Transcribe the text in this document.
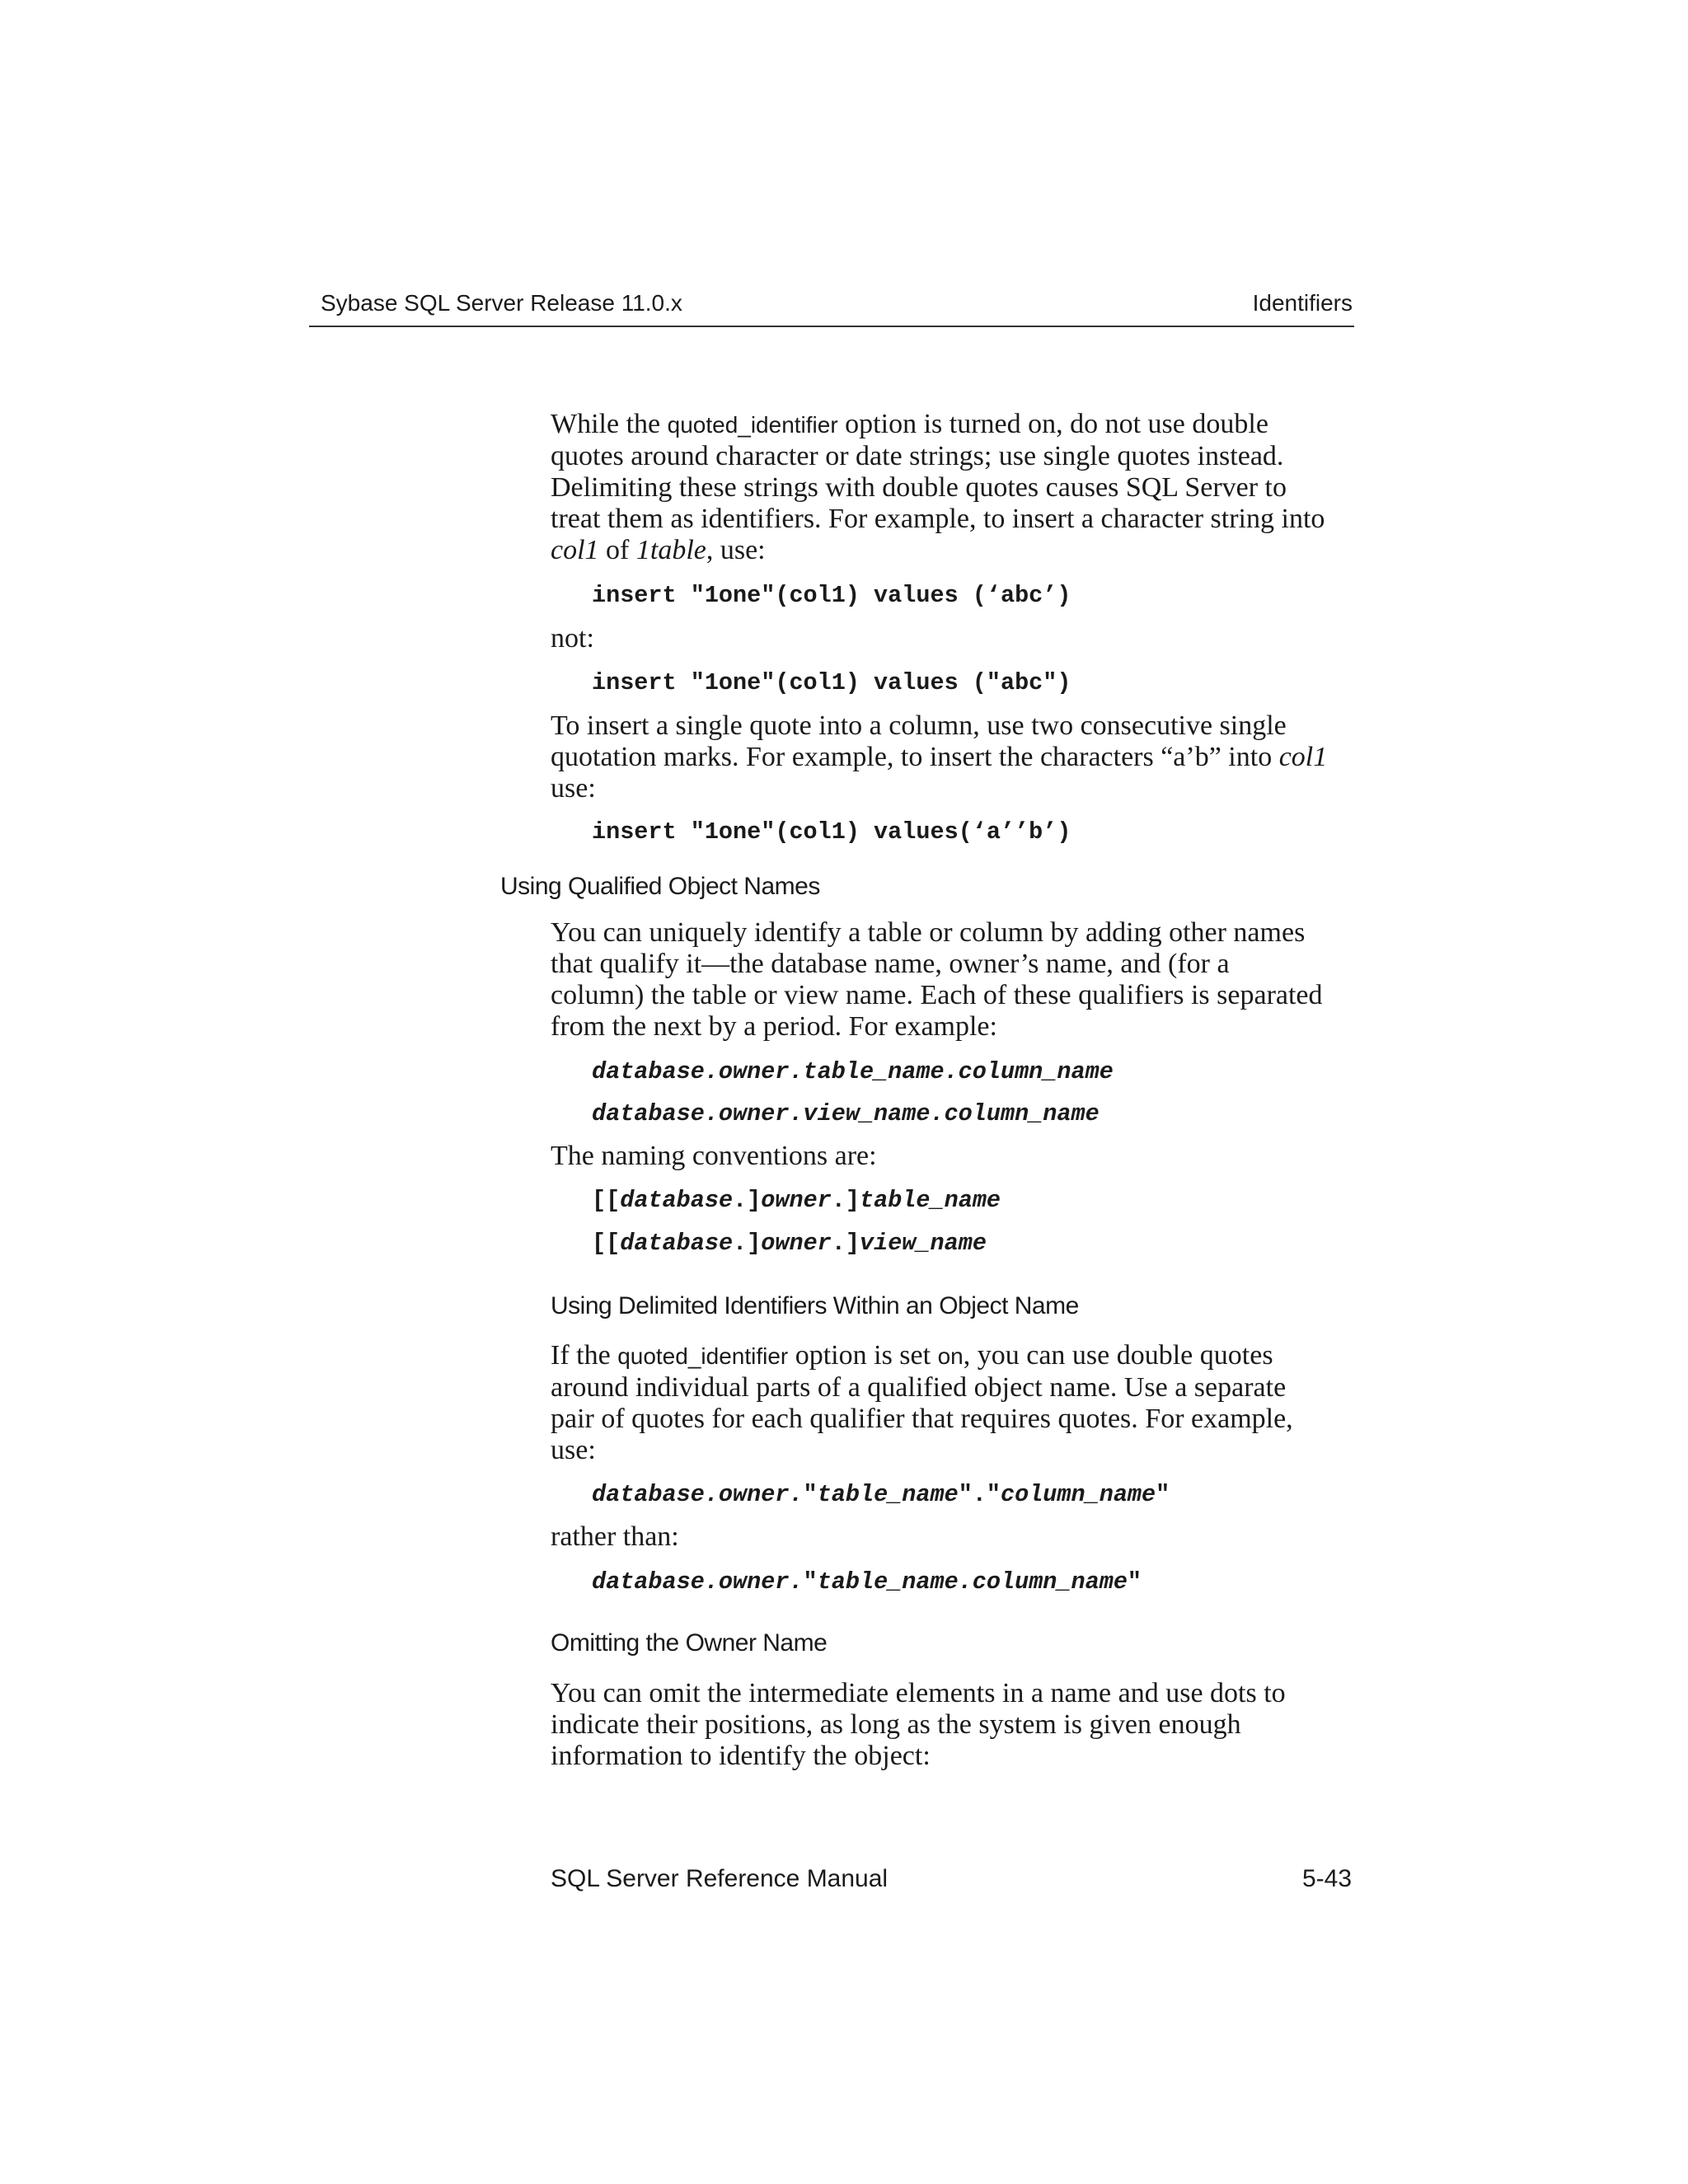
Sybase SQL Server Release 11.0.x	Identifiers

While the quoted_identifier option is turned on, do not use double

quotes around character or date strings; use single quotes instead.

Delimiting these strings with double quotes causes SQL Server to

treat them as identifiers. For example, to insert a character string into

col1 of 1table, use:

insert "1one"(col1) values (‘abc’)

not:

insert "1one"(col1) values ("abc")

To insert a single quote into a column, use two consecutive single

quotation marks. For example, to insert the characters “a’b” into col1

use:

insert "1one"(col1) values(‘a’’b’)

Using Qualified Object Names

You can uniquely identify a table or column by adding other names

that qualify it—the database name, owner’s name, and (for a

column) the table or view name. Each of these qualifiers is separated

from the next by a period. For example:

database.owner.table_name.column_name

database.owner.view_name.column_name

The naming conventions are:

[[database.]owner.]table_name

[[database.]owner.]view_name

Using Delimited Identifiers Within an Object Name

If the quoted_identifier option is set on, you can use double quotes

around individual parts of a qualified object name. Use a separate

pair of quotes for each qualifier that requires quotes. For example,

use:

database.owner."table_name"."column_name"

rather than:

database.owner."table_name.column_name"

Omitting the Owner Name

You can omit the intermediate elements in a name and use dots to

indicate their positions, as long as the system is given enough

information to identify the object:

SQL Server Reference Manual	5-43
